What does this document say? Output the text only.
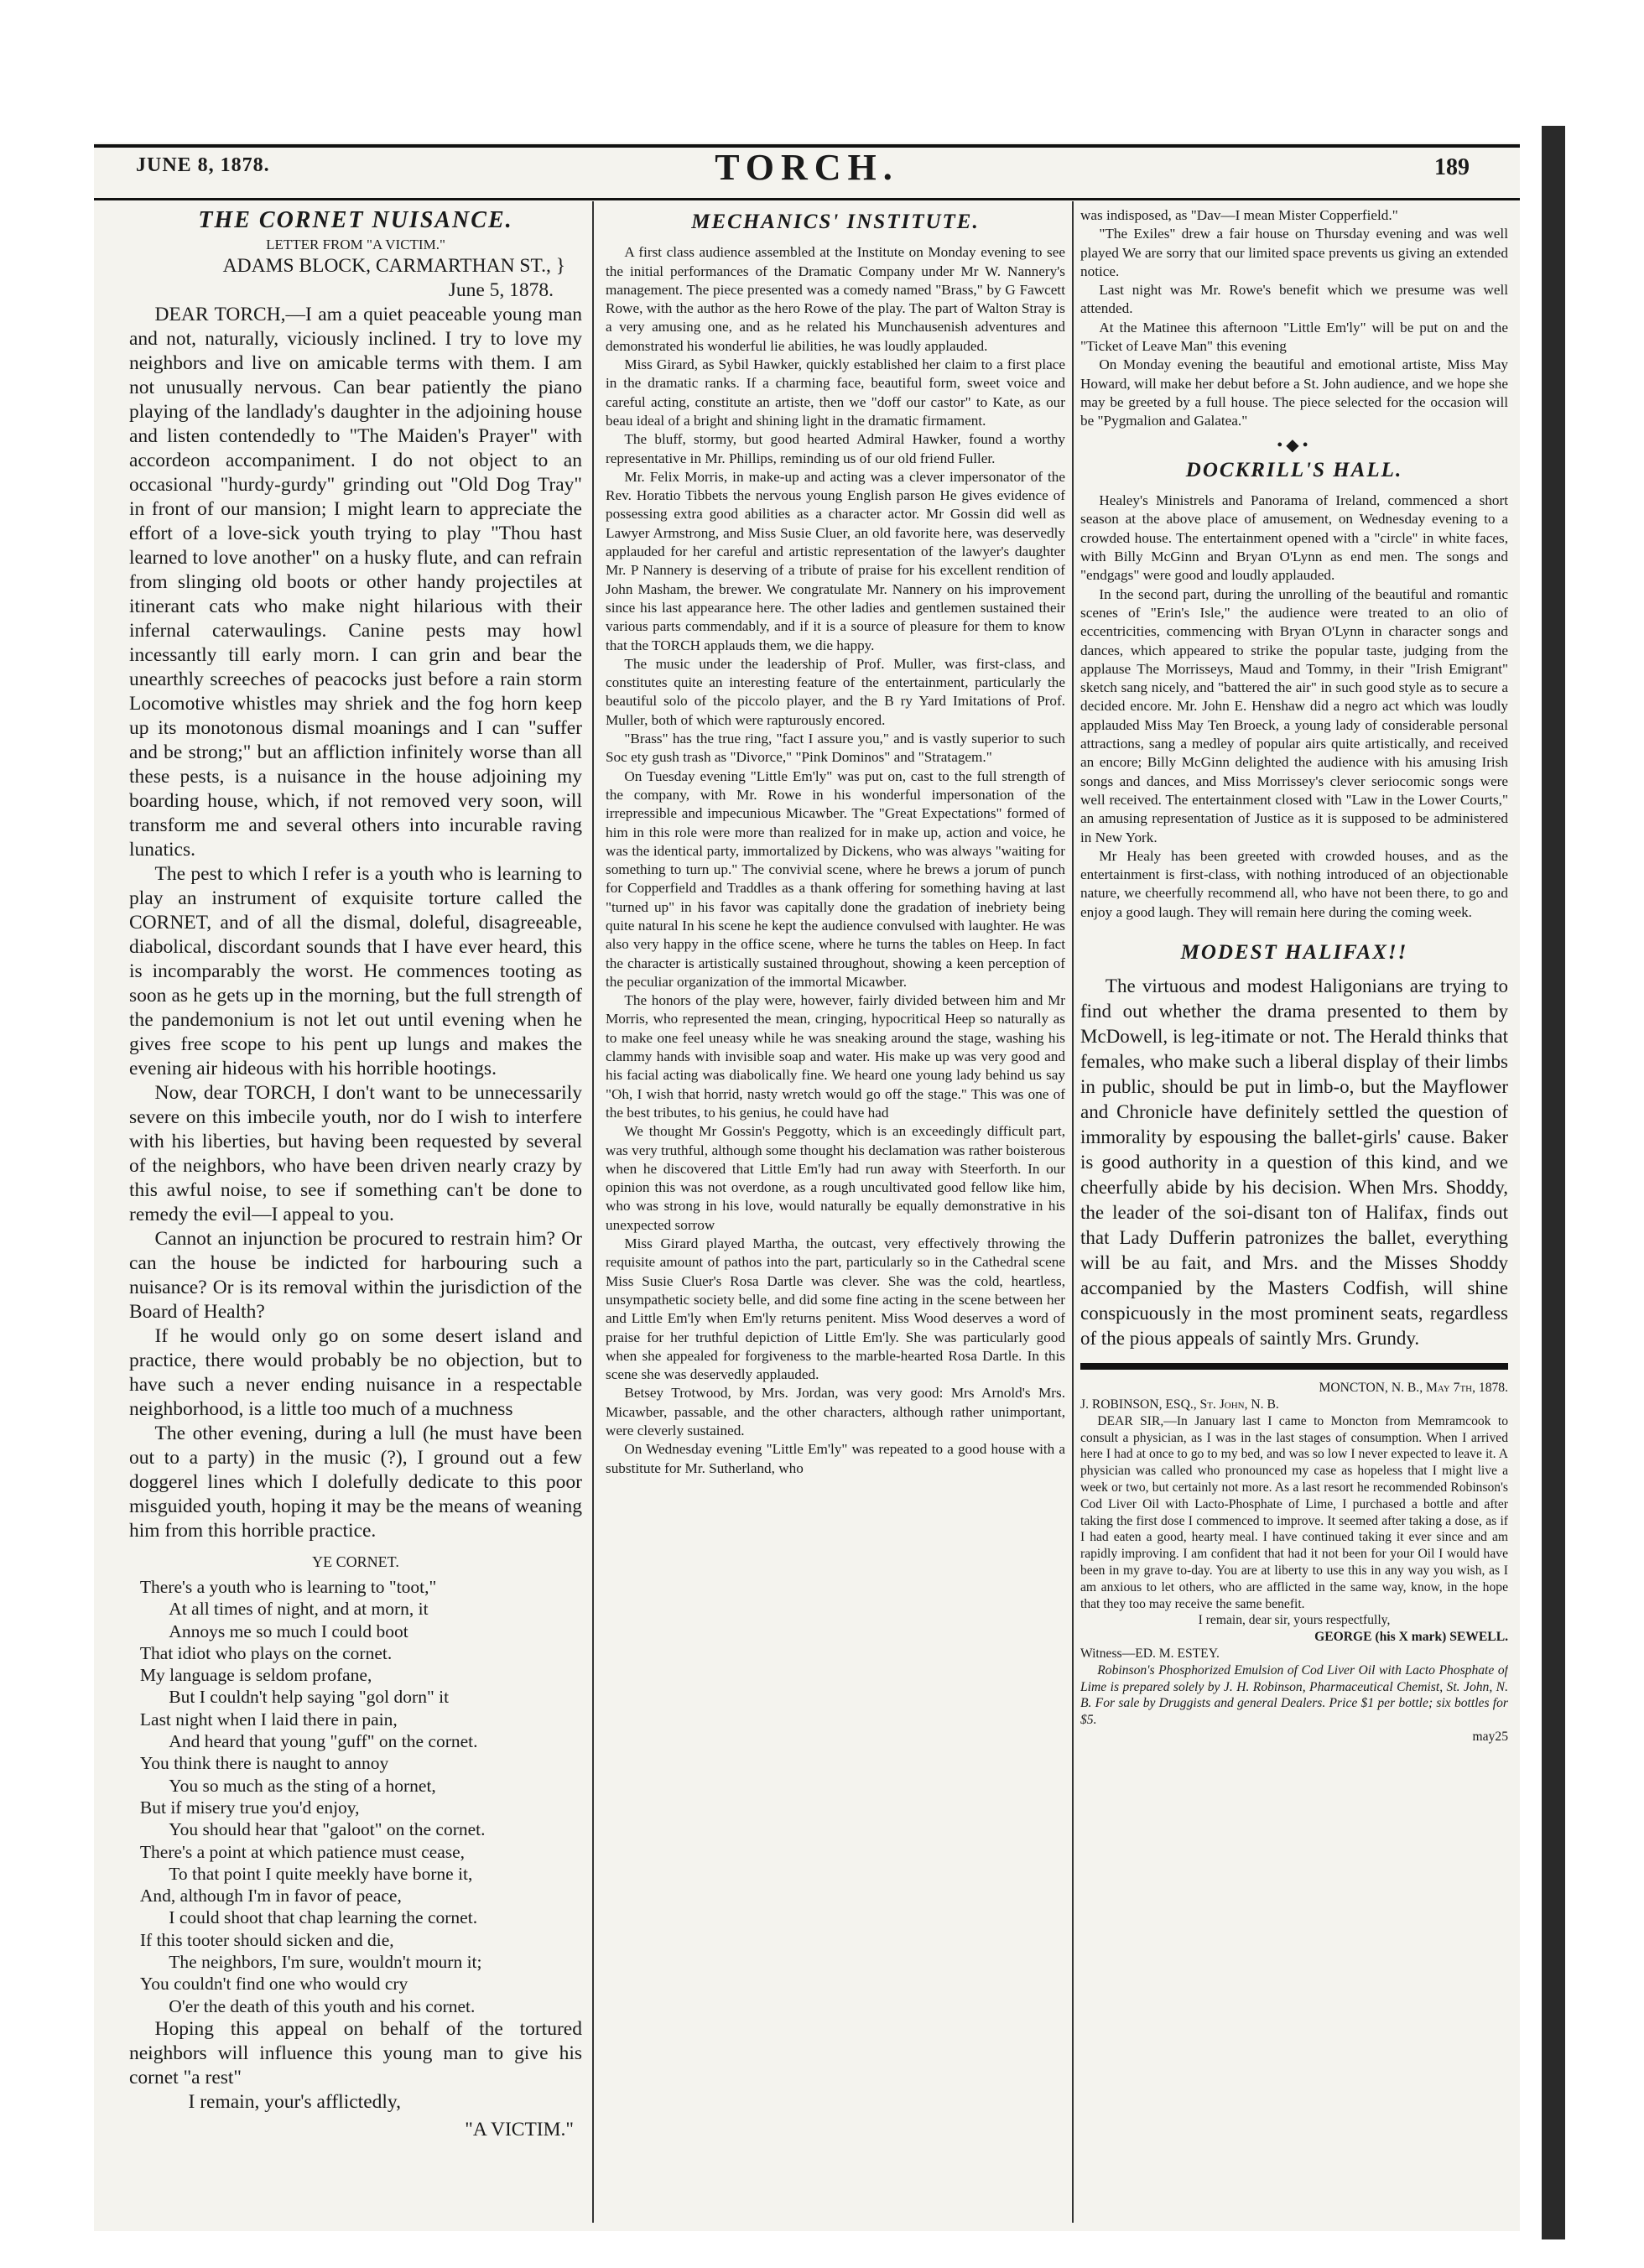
JUNE 8, 1878.	TORCH.	189
THE CORNET NUISANCE.

LETTER FROM "A VICTIM."

ADAMS BLOCK, CARMARTHAN ST., }

June 5, 1878.

DEAR TORCH,—I am a quiet peaceable young man and not, naturally, viciously inclined. I try to love my neighbors and live on amicable terms with them. I am not unusually nervous. Can bear patiently the piano playing of the landlady's daughter in the adjoining house and listen contendedly to "The Maiden's Prayer" with accordeon accompaniment. I do not object to an occasional "hurdy-gurdy" grinding out "Old Dog Tray" in front of our mansion; I might learn to appreciate the effort of a love-sick youth trying to play "Thou hast learned to love another" on a husky flute, and can refrain from slinging old boots or other handy projectiles at itinerant cats who make night hilarious with their infernal caterwaulings. Canine pests may howl incessantly till early morn. I can grin and bear the unearthly screeches of peacocks just before a rain storm Locomotive whistles may shriek and the fog horn keep up its monotonous dismal moanings and I can "suffer and be strong;" but an affliction infinitely worse than all these pests, is a nuisance in the house adjoining my boarding house, which, if not removed very soon, will transform me and several others into incurable raving lunatics.

The pest to which I refer is a youth who is learning to play an instrument of exquisite torture called the CORNET, and of all the dismal, doleful, disagreeable, diabolical, discordant sounds that I have ever heard, this is incomparably the worst. He commences tooting as soon as he gets up in the morning, but the full strength of the pandemonium is not let out until evening when he gives free scope to his pent up lungs and makes the evening air hideous with his horrible hootings.

Now, dear TORCH, I don't want to be unnecessarily severe on this imbecile youth, nor do I wish to interfere with his liberties, but having been requested by several of the neighbors, who have been driven nearly crazy by this awful noise, to see if something can't be done to remedy the evil—I appeal to you.

Cannot an injunction be procured to restrain him? Or can the house be indicted for harbouring such a nuisance? Or is its removal within the jurisdiction of the Board of Health?

If he would only go on some desert island and practice, there would probably be no objection, but to have such a never ending nuisance in a respectable neighborhood, is a little too much of a muchness

The other evening, during a lull (he must have been out to a party) in the music (?), I ground out a few doggerel lines which I dolefully dedicate to this poor misguided youth, hoping it may be the means of weaning him from this horrible practice.

YE CORNET.

There's a youth who is learning to "toot,"

At all times of night, and at morn, it

Annoys me so much I could boot

That idiot who plays on the cornet.

My language is seldom profane,

But I couldn't help saying "gol dorn" it

Last night when I laid there in pain,

And heard that young "guff" on the cornet.

You think there is naught to annoy

You so much as the sting of a hornet,

But if misery true you'd enjoy,

You should hear that "galoot" on the cornet.

There's a point at which patience must cease,

To that point I quite meekly have borne it,

And, although I'm in favor of peace,

I could shoot that chap learning the cornet.

If this tooter should sicken and die,

The neighbors, I'm sure, wouldn't mourn it;

You couldn't find one who would cry

O'er the death of this youth and his cornet.

Hoping this appeal on behalf of the tortured neighbors will influence this young man to give his cornet "a rest"

I remain, your's afflictedly,

"A VICTIM."

MECHANICS' INSTITUTE.

A first class audience assembled at the Institute on Monday evening to see the initial performances of the Dramatic Company under Mr W. Nannery's management. The piece presented was a comedy named "Brass," by G Fawcett Rowe, with the author as the hero Rowe of the play. The part of Walton Stray is a very amusing one, and as he related his Munchausenish adventures and demonstrated his wonderful lie abilities, he was loudly applauded.

Miss Girard, as Sybil Hawker, quickly established her claim to a first place in the dramatic ranks. If a charming face, beautiful form, sweet voice and careful acting, constitute an artiste, then we "doff our castor" to Kate, as our beau ideal of a bright and shining light in the dramatic firmament.

The bluff, stormy, but good hearted Admiral Hawker, found a worthy representative in Mr. Phillips, reminding us of our old friend Fuller.

Mr. Felix Morris, in make-up and acting was a clever impersonator of the Rev. Horatio Tibbets the nervous young English parson He gives evidence of possessing extra good abilities as a character actor. Mr Gossin did well as Lawyer Armstrong, and Miss Susie Cluer, an old favorite here, was deservedly applauded for her careful and artistic representation of the lawyer's daughter Mr. P Nannery is deserving of a tribute of praise for his excellent rendition of John Masham, the brewer. We congratulate Mr. Nannery on his improvement since his last appearance here. The other ladies and gentlemen sustained their various parts commendably, and if it is a source of pleasure for them to know that the TORCH applauds them, we die happy.

The music under the leadership of Prof. Muller, was first-class, and constitutes quite an interesting feature of the entertainment, particularly the beautiful solo of the piccolo player, and the B ry Yard Imitations of Prof. Muller, both of which were rapturously encored.

"Brass" has the true ring, "fact I assure you," and is vastly superior to such Soc ety gush trash as "Divorce," "Pink Dominos" and "Stratagem."

On Tuesday evening "Little Em'ly" was put on, cast to the full strength of the company, with Mr. Rowe in his wonderful impersonation of the irrepressible and impecunious Micawber. The "Great Expectations" formed of him in this role were more than realized for in make up, action and voice, he was the identical party, immortalized by Dickens, who was always "waiting for something to turn up." The convivial scene, where he brews a jorum of punch for Copperfield and Traddles as a thank offering for something having at last "turned up" in his favor was capitally done the gradation of inebriety being quite natural In his scene he kept the audience convulsed with laughter. He was also very happy in the office scene, where he turns the tables on Heep. In fact the character is artistically sustained throughout, showing a keen perception of the peculiar organization of the immortal Micawber.

The honors of the play were, however, fairly divided between him and Mr Morris, who represented the mean, cringing, hypocritical Heep so naturally as to make one feel uneasy while he was sneaking around the stage, washing his clammy hands with invisible soap and water. His make up was very good and his facial acting was diabolically fine. We heard one young lady behind us say "Oh, I wish that horrid, nasty wretch would go off the stage." This was one of the best tributes, to his genius, he could have had

We thought Mr Gossin's Peggotty, which is an exceedingly difficult part, was very truthful, although some thought his declamation was rather boisterous when he discovered that Little Em'ly had run away with Steerforth. In our opinion this was not overdone, as a rough uncultivated good fellow like him, who was strong in his love, would naturally be equally demonstrative in his unexpected sorrow

Miss Girard played Martha, the outcast, very effectively throwing the requisite amount of pathos into the part, particularly so in the Cathedral scene Miss Susie Cluer's Rosa Dartle was clever. She was the cold, heartless, unsympathetic society belle, and did some fine acting in the scene between her and Little Em'ly when Em'ly returns penitent. Miss Wood deserves a word of praise for her truthful depiction of Little Em'ly. She was particularly good when she appealed for forgiveness to the marble-hearted Rosa Dartle. In this scene she was deservedly applauded.

Betsey Trotwood, by Mrs. Jordan, was very good: Mrs Arnold's Mrs. Micawber, passable, and the other characters, although rather unimportant, were cleverly sustained.

On Wednesday evening "Little Em'ly" was repeated to a good house with a substitute for Mr. Sutherland, who

was indisposed, as "Dav—I mean Mister Copperfield."

"The Exiles" drew a fair house on Thursday evening and was well played We are sorry that our limited space prevents us giving an extended notice.

Last night was Mr. Rowe's benefit which we presume was well attended.

At the Matinee this afternoon "Little Em'ly" will be put on and the "Ticket of Leave Man" this evening

On Monday evening the beautiful and emotional artiste, Miss May Howard, will make her debut before a St. John audience, and we hope she may be greeted by a full house. The piece selected for the occasion will be "Pygmalion and Galatea."

•◆•
DOCKRILL'S HALL.

Healey's Ministrels and Panorama of Ireland, commenced a short season at the above place of amusement, on Wednesday evening to a crowded house. The entertainment opened with a "circle" in white faces, with Billy McGinn and Bryan O'Lynn as end men. The songs and "endgags" were good and loudly applauded.

In the second part, during the unrolling of the beautiful and romantic scenes of "Erin's Isle," the audience were treated to an olio of eccentricities, commencing with Bryan O'Lynn in character songs and dances, which appeared to strike the popular taste, judging from the applause The Morrisseys, Maud and Tommy, in their "Irish Emigrant" sketch sang nicely, and "battered the air" in such good style as to secure a decided encore. Mr. John E. Henshaw did a negro act which was loudly applauded Miss May Ten Broeck, a young lady of considerable personal attractions, sang a medley of popular airs quite artistically, and received an encore; Billy McGinn delighted the audience with his amusing Irish songs and dances, and Miss Morrissey's clever seriocomic songs were well received. The entertainment closed with "Law in the Lower Courts," an amusing representation of Justice as it is supposed to be administered in New York.

Mr Healy has been greeted with crowded houses, and as the entertainment is first-class, with nothing introduced of an objectionable nature, we cheerfully recommend all, who have not been there, to go and enjoy a good laugh. They will remain here during the coming week.

MODEST HALIFAX!!

The virtuous and modest Haligonians are trying to find out whether the drama presented to them by McDowell, is leg-itimate or not. The Herald thinks that females, who make such a liberal display of their limbs in public, should be put in limb-o, but the Mayflower and Chronicle have definitely settled the question of immorality by espousing the ballet-girls' cause. Baker is good authority in a question of this kind, and we cheerfully abide by his decision. When Mrs. Shoddy, the leader of the soi-disant ton of Halifax, finds out that Lady Dufferin patronizes the ballet, everything will be au fait, and Mrs. and the Misses Shoddy accompanied by the Masters Codfish, will shine conspicuously in the most prominent seats, regardless of the pious appeals of saintly Mrs. Grundy.

MONCTON, N. B., May 7th, 1878.

J. ROBINSON, ESQ., St. John, N. B.

DEAR SIR,—In January last I came to Moncton from Memramcook to consult a physician, as I was in the last stages of consumption. When I arrived here I had at once to go to my bed, and was so low I never expected to leave it. A physician was called who pronounced my case as hopeless that I might live a week or two, but certainly not more. As a last resort he recommended Robinson's Cod Liver Oil with Lacto-Phosphate of Lime, I purchased a bottle and after taking the first dose I commenced to improve. It seemed after taking a dose, as if I had eaten a good, hearty meal. I have continued taking it ever since and am rapidly improving. I am confident that had it not been for your Oil I would have been in my grave to-day. You are at liberty to use this in any way you wish, as I am anxious to let others, who are afflicted in the same way, know, in the hope that they too may receive the same benefit.

I remain, dear sir, yours respectfully,

GEORGE (his X mark) SEWELL.

Witness—ED. M. ESTEY.

Robinson's Phosphorized Emulsion of Cod Liver Oil with Lacto Phosphate of Lime is prepared solely by J. H. Robinson, Pharmaceutical Chemist, St. John, N. B. For sale by Druggists and general Dealers. Price $1 per bottle; six bottles for $5.

may25
